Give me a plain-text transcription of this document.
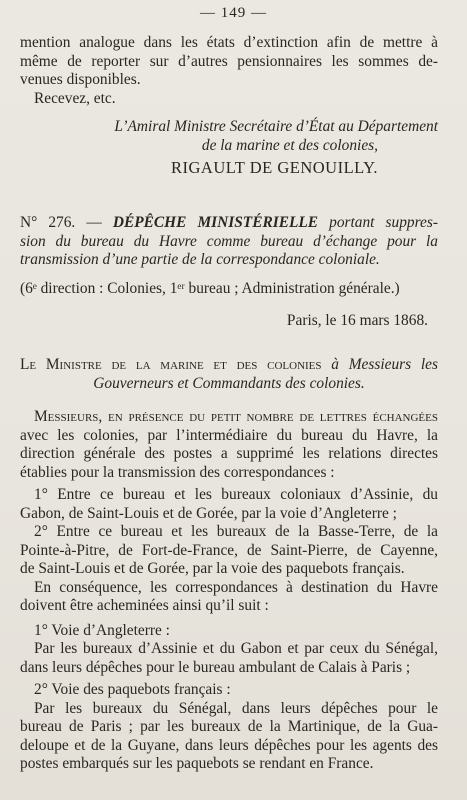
— 149 —
mention analogue dans les états d’extinction afin de mettre à
même de reporter sur d’autres pensionnaires les sommes de-
venues disponibles.
Recevez, etc.
L’Amiral Ministre Secrétaire d’État au Département
de la marine et des colonies,
RIGAULT DE GENOUILLY.
N° 276. — DÉPÊCHE MINISTÉRIELLE portant suppres-
sion du bureau du Havre comme bureau d’échange pour la
transmission d’une partie de la correspondance coloniale.
(6ᵉ direction : Colonies, 1ᵉʳ bureau ; Administration générale.)
Paris, le 16 mars 1868.
Le Ministre de la marine et des colonies à Messieurs les
Gouverneurs et Commandants des colonies.
Messieurs, en présence du petit nombre de lettres échangées
avec les colonies, par l’intermédiaire du bureau du Havre, la
direction générale des postes a supprimé les relations directes
établies pour la transmission des correspondances :
1° Entre ce bureau et les bureaux coloniaux d’Assinie, du
Gabon, de Saint-Louis et de Gorée, par la voie d’Angleterre ;
2° Entre ce bureau et les bureaux de la Basse-Terre, de la
Pointe-à-Pitre, de Fort-de-France, de Saint-Pierre, de Cayenne,
de Saint-Louis et de Gorée, par la voie des paquebots français.
En conséquence, les correspondances à destination du Havre
doivent être acheminées ainsi qu’il suit :
1° Voie d’Angleterre :
Par les bureaux d’Assinie et du Gabon et par ceux du Sénégal,
dans leurs dépêches pour le bureau ambulant de Calais à Paris ;
2° Voie des paquebots français :
Par les bureaux du Sénégal, dans leurs dépêches pour le
bureau de Paris ; par les bureaux de la Martinique, de la Gua-
deloupe et de la Guyane, dans leurs dépêches pour les agents des
postes embarqués sur les paquebots se rendant en France.
